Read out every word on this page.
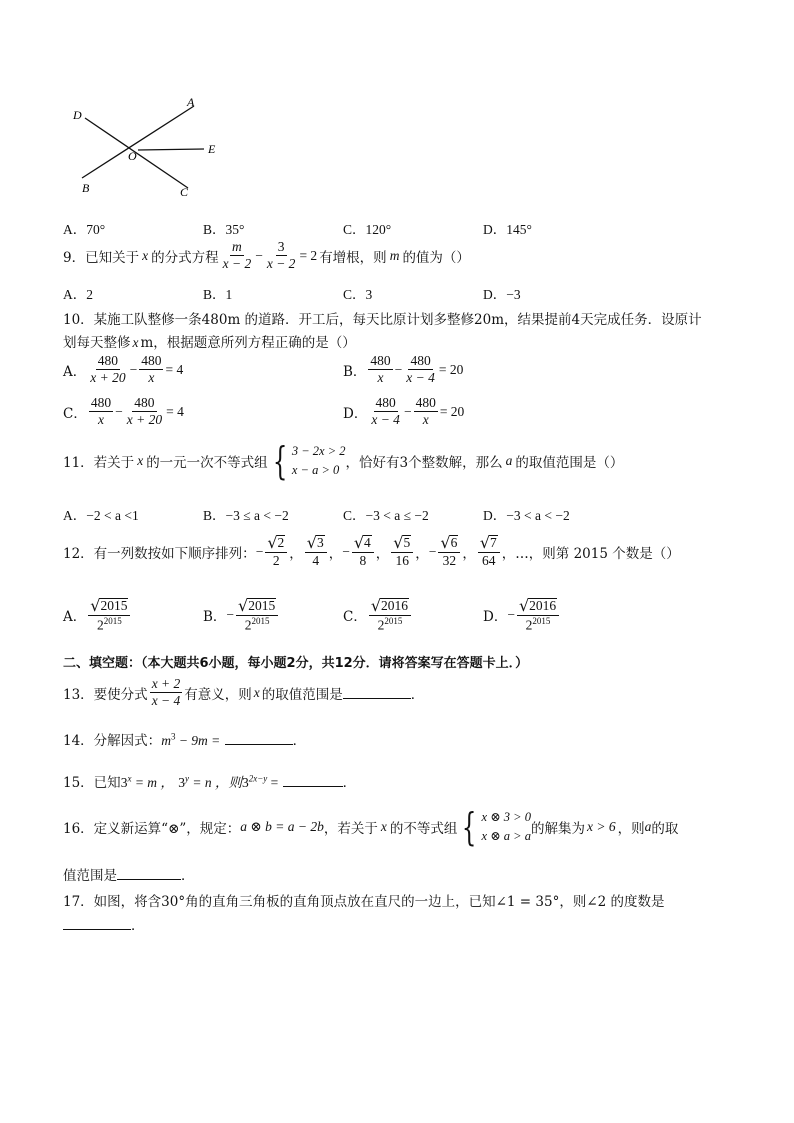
D
A
O	E
B	C
A．70°	B．35°	C．120°	D．145°
9．已知关于 x 的分式方程 $\frac{m}{x - 2} - \frac{3}{x - 2} = 2$ 有增根，则 m 的值为（）
A．2	B．1	C．3	D．−3
10．某施工队整修一条480m 的道路．开工后，每天比原计划多整修20m，结果提前4天完成任务．设原计
划每天整修 x m，根据题意所列方程正确的是（）
A． $\frac{480}{x + 20} - \frac{480}{x} = 4$	B． $\frac{480}{x} - \frac{480}{x - 4} = 20$
C． $\frac{480}{x} - \frac{480}{x + 20} = 4$	D． $\frac{480}{x - 4} - \frac{480}{x} = 20$
11．若关于 x 的一元一次不等式组 { 3 − 2x > 2
x − a > 0 ，恰好有3个整数解，那么 a 的取值范围是（）
A．−2 < a <1	B．−3 ≤ a < −2	C．−3 < a ≤ −2	D．−3 < a < −2
12．有一列数按如下顺序排列： − $\frac{√ 2}{2}$ ， $\frac{√ 3}{4}$ ， − $\frac{√ 4}{8}$ ， $\frac{√ 5}{16}$ ， − $\frac{√ 6}{32}$ ， $\frac{√ 7}{64}$ ，…，则第 2015 个数是（）
A． $\frac{√ 2015}{2^{2015}}$	B． − $\frac{√ 2015}{2^{2015}}$	C． $\frac{√ 2016}{2^{2015}}$	D． − $\frac{√ 2016}{2^{2015}}$
二、填空题：（本大题共6小题，每小题2分，共12分．请将答案写在答题卡上．）
13．要使分式 $\frac{x + 2}{x - 4}$ 有意义，则 x 的取值范围是	．
14．分解因式：$m^3 - 9m$ =	．
15．已知$3^x = m$ ， $3^y = n$ ，则$3^{2x-y}$ =	．
16．定义新运算“⊗”，规定： a ⊗ b = a − 2b ，若关于 x 的不等式组 { x ⊗ 3 > 0
x ⊗ a > a 的解集为 x > 6 ，则 a 的取
值范围是	．
17．如图，将含30°角的直角三角板的直角顶点放在直尺的一边上，已知∠1 = 35°，则∠2 的度数是
．
